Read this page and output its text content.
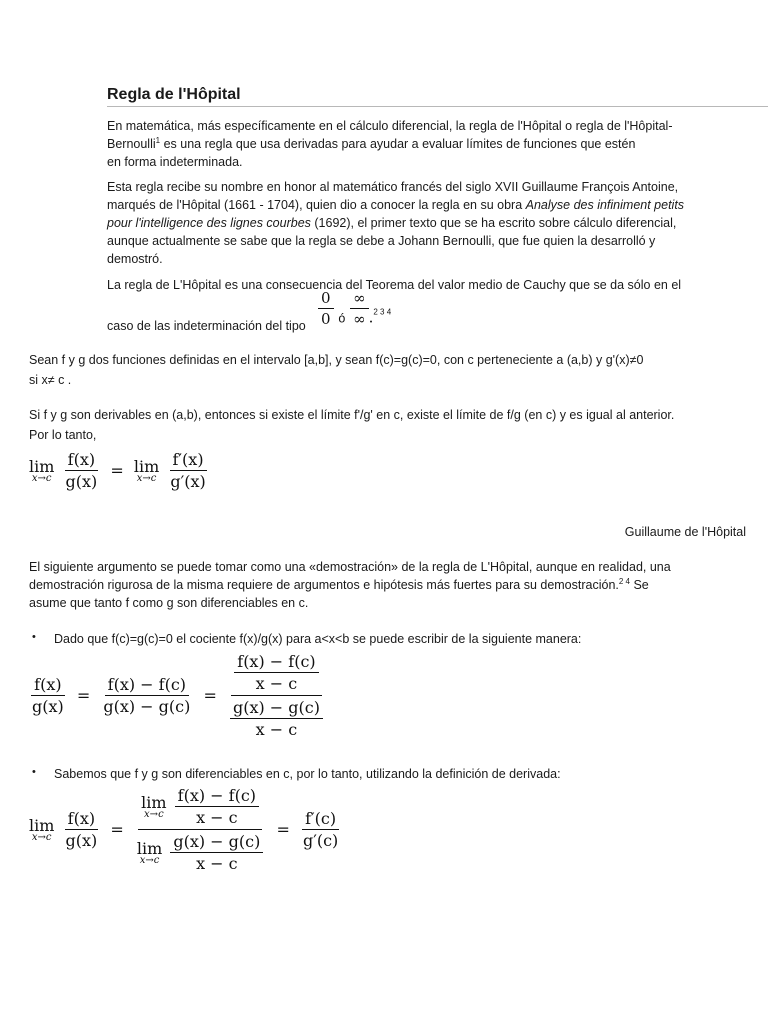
Regla de l'Hôpital
En matemática, más específicamente en el cálculo diferencial, la regla de l'Hôpital o regla de l'Hôpital-
Bernoulli$^1$ es una regla que usa derivadas para ayudar a evaluar límites de funciones que estén
en forma indeterminada.
Esta regla recibe su nombre en honor al matemático francés del siglo XVII Guillaume François Antoine,
marqués de l'Hôpital (1661 - 1704), quien dio a conocer la regla en su obra Analyse des infiniment petits
pour l'intelligence des lignes courbes (1692), el primer texto que se ha escrito sobre cálculo diferencial,
aunque actualmente se sabe que la regla se debe a Johann Bernoulli, que fue quien la desarrolló y
demostró.
La regla de L'Hôpital es una consecuencia del Teorema del valor medio de Cauchy que se da sólo en el
caso de las indeterminación del tipo $\frac{0}{0} _ó \frac{\infty}{\infty} .^{2 3 4}$
Sean f y g dos funciones definidas en el intervalo [a,b], y sean f(c)=g(c)=0, con c perteneciente a (a,b) y g'(x)≠0
si x≠ c .
Si f y g son derivables en (a,b), entonces si existe el límite f'/g' en c, existe el límite de f/g (en c) y es igual al anterior.
Por lo tanto,
lim
x→c
$\frac{f(x)}{g(x)} = \lim$
x→c
$\frac{f'(x)}{g'(x)}$
Guillaume de l'Hôpital
El siguiente argumento se puede tomar como una «demostración» de la regla de L'Hôpital, aunque en realidad, una
demostración rigurosa de la misma requiere de argumentos e hipótesis más fuertes para su demostración.$^{2 4}$ Se
asume que tanto f como g son diferenciables en c.
• Dado que f(c)=g(c)=0 el cociente f(x)/g(x) para a<x<b se puede escribir de la siguiente manera:
$\frac{f(x)}{g(x)} = \frac{f(x) - f(c)}{g(x) - g(c)} = \frac{\frac{f(x) - f(c)}{x - c}}{\frac{g(x) - g(c)}{x - c}}$
• Sabemos que f y g son diferenciables en c, por lo tanto, utilizando la definición de derivada:
lim
x→c
$\frac{f(x)}{g(x)} = \lim$
x→c
$\frac{f(x) - f(c)}{x - c}$
lim
x→c
$\frac{g(x) - g(c)}{x - c} = \frac{f'(c)}{g'(c)}$
